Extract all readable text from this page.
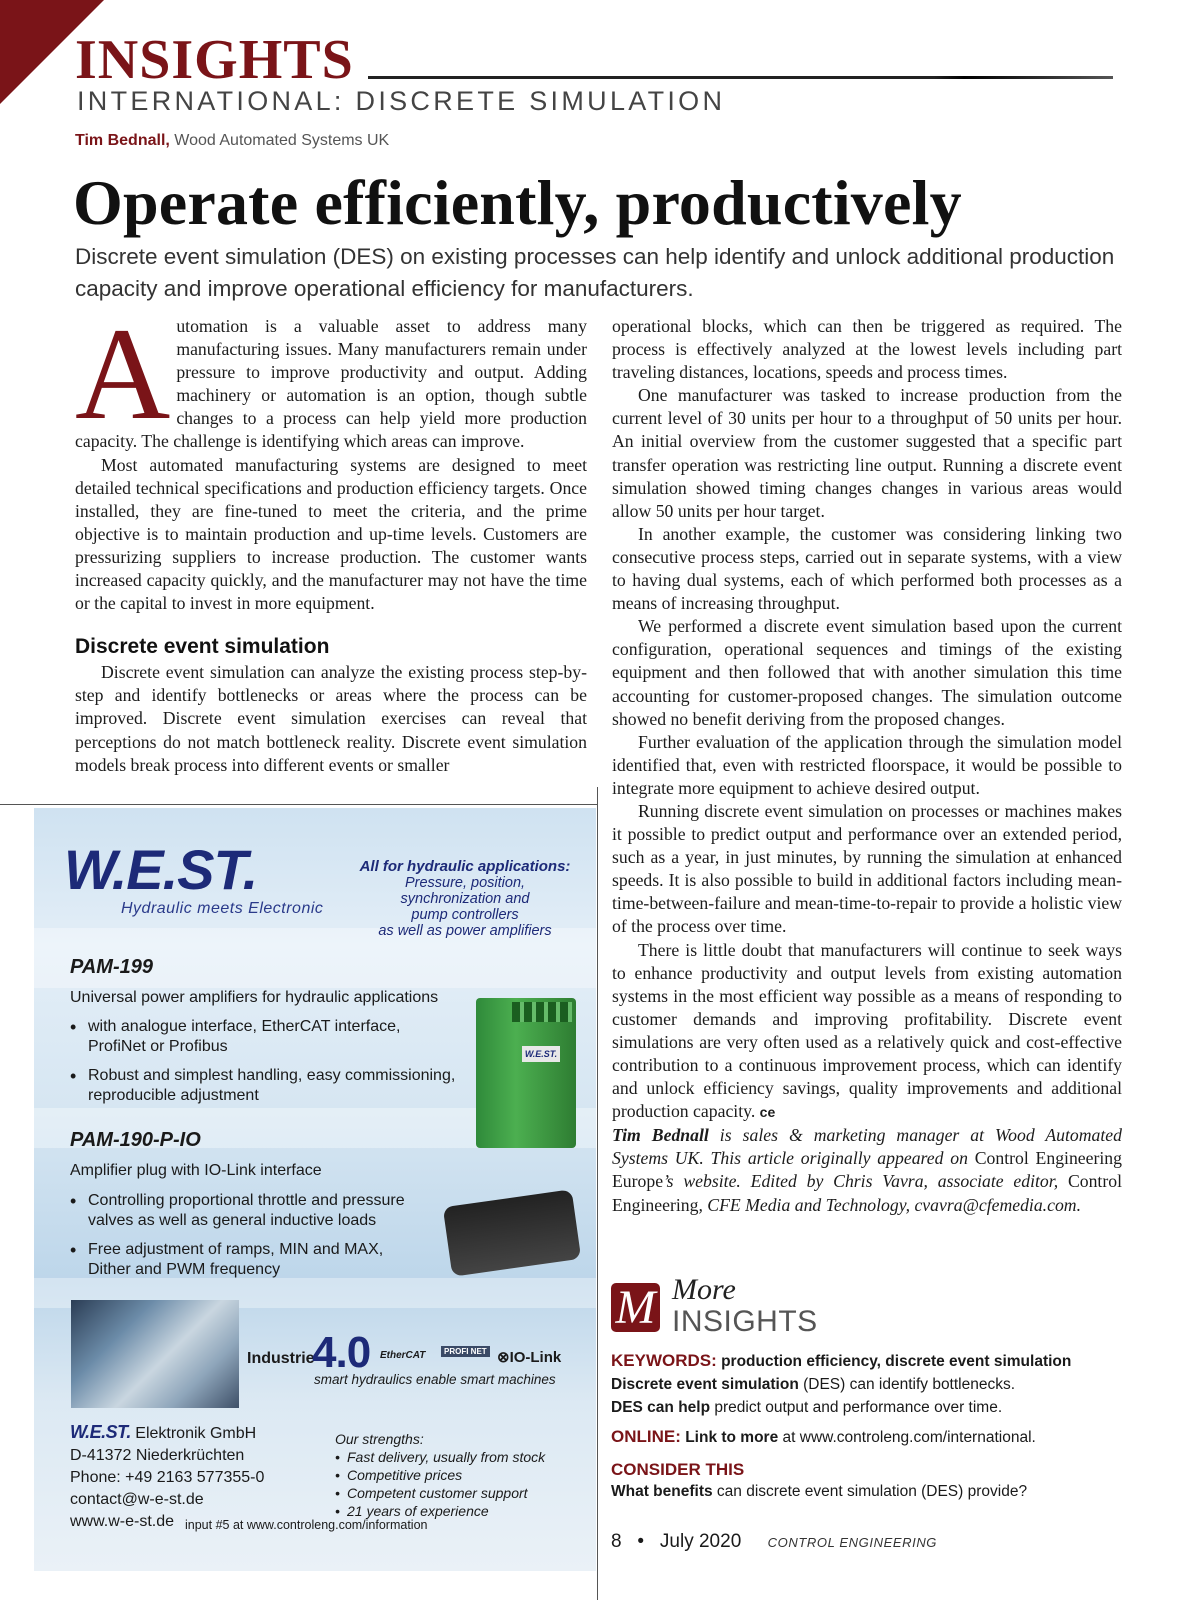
INSIGHTS
INTERNATIONAL: DISCRETE SIMULATION
Tim Bednall, Wood Automated Systems UK
Operate efficiently, productively
Discrete event simulation (DES) on existing processes can help identify and unlock additional production capacity and improve operational efficiency for manufacturers.

Automation is a valuable asset to address many manufacturing issues. Many manufacturers remain under pressure to improve productivity and output. Adding machinery or automation is an option, though subtle changes to a process can help yield more production capacity. The challenge is identifying which areas can improve.

Most automated manufacturing systems are designed to meet detailed technical specifications and production efficiency targets. Once installed, they are fine-tuned to meet the criteria, and the prime objective is to maintain production and up-time levels. Customers are pressurizing suppliers to increase production. The customer wants increased capacity quickly, and the manufacturer may not have the time or the capital to invest in more equipment.

Discrete event simulation

Discrete event simulation can analyze the existing process step-by-step and identify bottlenecks or areas where the process can be improved. Discrete event simulation exercises can reveal that perceptions do not match bottleneck reality. Discrete event simulation models break process into different events or smaller

operational blocks, which can then be triggered as required. The process is effectively analyzed at the lowest levels including part traveling distances, locations, speeds and process times.

One manufacturer was tasked to increase production from the current level of 30 units per hour to a throughput of 50 units per hour. An initial overview from the customer suggested that a specific part transfer operation was restricting line output. Running a discrete event simulation showed timing changes changes in various areas would allow 50 units per hour target.

In another example, the customer was considering linking two consecutive process steps, carried out in separate systems, with a view to having dual systems, each of which performed both processes as a means of increasing throughput.

We performed a discrete event simulation based upon the current configuration, operational sequences and timings of the existing equipment and then followed that with another simulation this time accounting for customer-proposed changes. The simulation outcome showed no benefit deriving from the proposed changes.

Further evaluation of the application through the simulation model identified that, even with restricted floorspace, it would be possible to integrate more equipment to achieve desired output.

Running discrete event simulation on processes or machines makes it possible to predict output and performance over an extended period, such as a year, in just minutes, by running the simulation at enhanced speeds. It is also possible to build in additional factors including mean-time-between-failure and mean-time-to-repair to provide a holistic view of the process over time.

There is little doubt that manufacturers will continue to seek ways to enhance productivity and output levels from existing automation systems in the most efficient way possible as a means of responding to customer demands and improving profitability. Discrete event simulations are very often used as a relatively quick and cost-effective contribution to a continuous improvement process, which can identify and unlock efficiency savings, quality improvements and additional production capacity. ce

Tim Bednall is sales & marketing manager at Wood Automated Systems UK. This article originally appeared on Control Engineering Europe’s website. Edited by Chris Vavra, associate editor, Control Engineering, CFE Media and Technology, cvavra@cfemedia.com.

W.E.ST.
Hydraulic meets Electronic
All for hydraulic applications:
Pressure, position,
synchronization and
pump controllers
as well as power amplifiers
PAM-199
Universal power amplifiers for hydraulic applications
• with analogue interface, EtherCAT interface, ProfiNet or Profibus
• Robust and simplest handling, easy commissioning, reproducible adjustment
W.E.ST.
PAM-190-P-IO
Amplifier plug with IO-Link interface
• Controlling proportional throttle and pressure valves as well as general inductive loads
• Free adjustment of ramps, MIN and MAX, Dither and PWM frequency
Industrie
4.0 EtherCAT	PROFI NET ⊗IO-Link
smart hydraulics enable smart machines
W.E.ST. Elektronik GmbH
D-41372 Niederkrüchten
Phone: +49 2163 577355-0
contact@w-e-st.de
www.w-e-st.de
Our strengths:
• Fast delivery, usually from stock
• Competitive prices
• Competent customer support
• 21 years of experience
input #5 at www.controleng.com/information
M More
INSIGHTS
KEYWORDS: production efficiency, discrete event simulation
Discrete event simulation (DES) can identify bottlenecks.
DES can help predict output and performance over time.
ONLINE: Link to more at www.controleng.com/international.
CONSIDER THIS
What benefits can discrete event simulation (DES) provide?
8 • July 2020 CONTROL ENGINEERING
